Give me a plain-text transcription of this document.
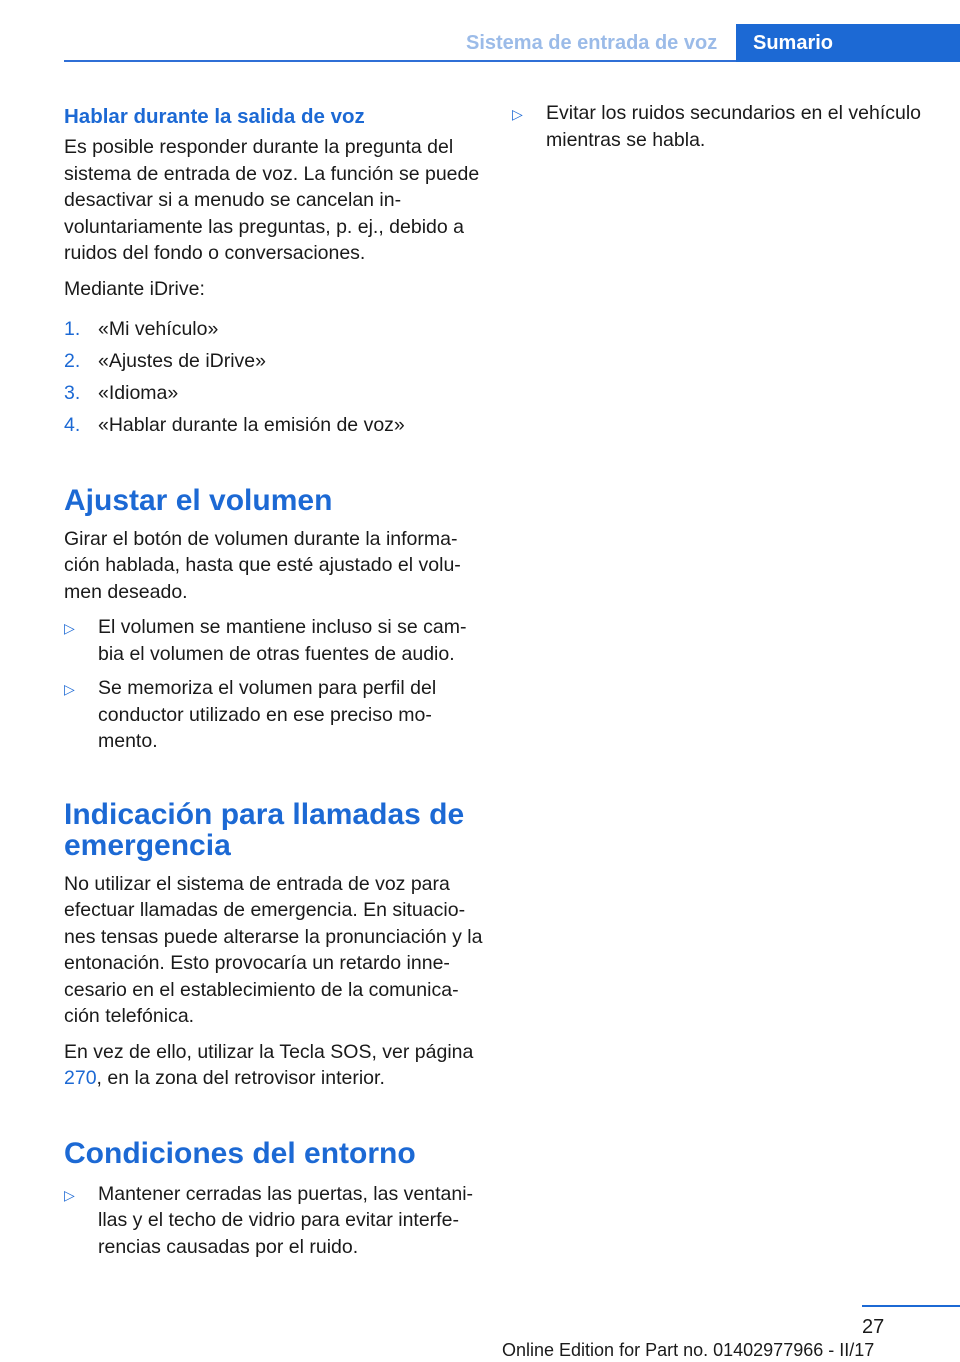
Sistema de entrada de voz	Sumario
Hablar durante la salida de voz

Es posible responder durante la pregunta del sistema de entrada de voz. La función se puede desactivar si a menudo se cancelan involuntariamente las preguntas, p. ej., debido a ruidos del fondo o conversaciones.

Mediante iDrive:

1. «Mi vehículo»
2. «Ajustes de iDrive»
3. «Idioma»
4. «Hablar durante la emisión de voz»
Ajustar el volumen

Girar el botón de volumen durante la información hablada, hasta que esté ajustado el volumen deseado.

▷ El volumen se mantiene incluso si se cambia el volumen de otras fuentes de audio.
▷ Se memoriza el volumen para perfil del conductor utilizado en ese preciso momento.
Indicación para llamadas de emergencia

No utilizar el sistema de entrada de voz para efectuar llamadas de emergencia. En situaciones tensas puede alterarse la pronunciación y la entonación. Esto provocaría un retardo innecesario en el establecimiento de la comunicación telefónica.

En vez de ello, utilizar la Tecla SOS, ver página 270, en la zona del retrovisor interior.

Condiciones del entorno
▷ Mantener cerradas las puertas, las ventanillas y el techo de vidrio para evitar interferencias causadas por el ruido.
▷ Evitar los ruidos secundarios en el vehículo mientras se habla.
27
Online Edition for Part no. 01402977966 - II/17
